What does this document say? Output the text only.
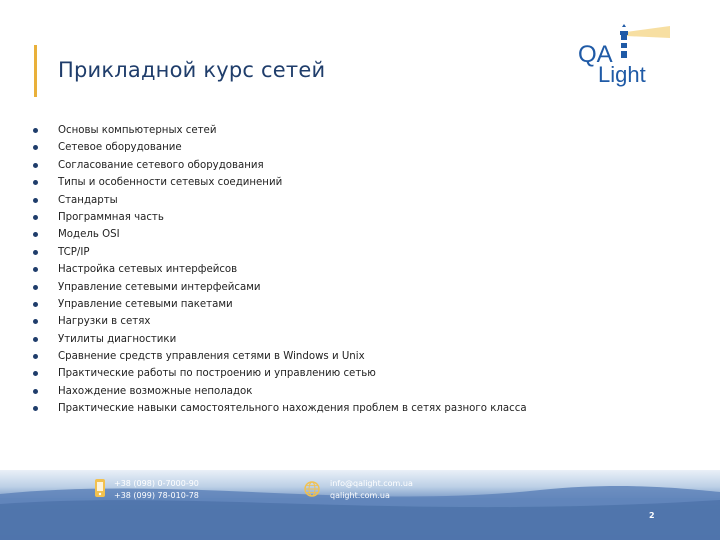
Прикладной курс сетей
QA
Light
Основы компьютерных сетей
Сетевое оборудование
Согласование сетевого оборудования
Типы и особенности сетевых соединений
Стандарты
Программная часть
Модель OSI
TCP/IP
Настройка сетевых интерфейсов
Управление сетевыми интерфейсами
Управление сетевыми пакетами
Нагрузки в сетях
Утилиты диагностики
Сравнение средств управления сетями в Windows и Unix
Практические работы по построению и управлению сетью
Нахождение возможные неполадок
Практические навыки самостоятельного нахождения проблем в сетях разного класса
+38 (098) 0-7000-90
+38 (099) 78-010-78
info@qalight.com.ua
qalight.com.ua
2
